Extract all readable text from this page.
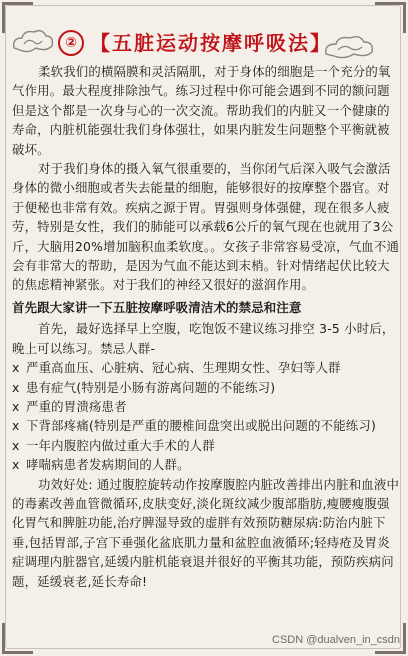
② 【五脏运动按摩呼吸法】

柔软我们的横隔膜和灵活隔肌，对于身体的细胞是一个充分的氧气作用。最大程度排除浊气。练习过程中你可能会遇到不同的额问题但是这个都是一次身与心的一次交流。帮助我们的内脏又一个健康的寿命，内脏机能强壮我们身体强壮，如果内脏发生问题整个平衡就被破坏。

对于我们身体的摄入氧气很重要的，当你闭气后深入吸气会激活身体的微小细胞或者失去能量的细胞，能够很好的按摩整个器官。对于便秘也非常有效。疾病之源于胃。胃强则身体强健，现在很多人疲劳，特别是女性，我们的肺能可以承载6公斤的氧气现在也就用了3公斤，大脑用20%增加脑积血柔软度。。女孩子非常容易受凉，气血不通会有非常大的帮助，是因为气血不能达到末梢。针对情绪起伏比较大的焦虑精神紧张。对于我们的神经又很好的滋润作用。

首先跟大家讲一下五脏按摩呼吸清洁术的禁忌和注意

首先，最好选择早上空腹，吃饱饭不建议练习排空 3-5 小时后，晚上可以练习。禁忌人群-

x 严重高血压、心脏病、冠心病、生理期女性、孕妇等人群

x 患有症气(特别是小肠有游离问题的不能练习)

x 严重的胃溃疡患者

x 下背部疼痛(特别是严重的腰椎间盘突出或脱出问题的不能练习)

x 一年内腹腔内做过重大手术的人群

x 哮喘病患者发病期间的人群。

功效好处: 通过腹腔旋转动作按摩腹腔内脏改善排出内脏和血液中的毒素改善血管微循环,皮肤变好,淡化斑纹减少腹部脂肪,瘦腰瘦腹强化胃气和脾脏功能,治疗脾湿导致的虚胖有效预防糖尿病:防治内脏下垂,包括胃部,子宫下垂强化盆底肌力量和盆腔血液循环;轻痔疮及胃炎症调理内脏器官,延缓内脏机能衰退并很好的平衡其功能，预防疾病问题，延缓衰老,延长寿命!

CSDN @dualven_in_csdn
